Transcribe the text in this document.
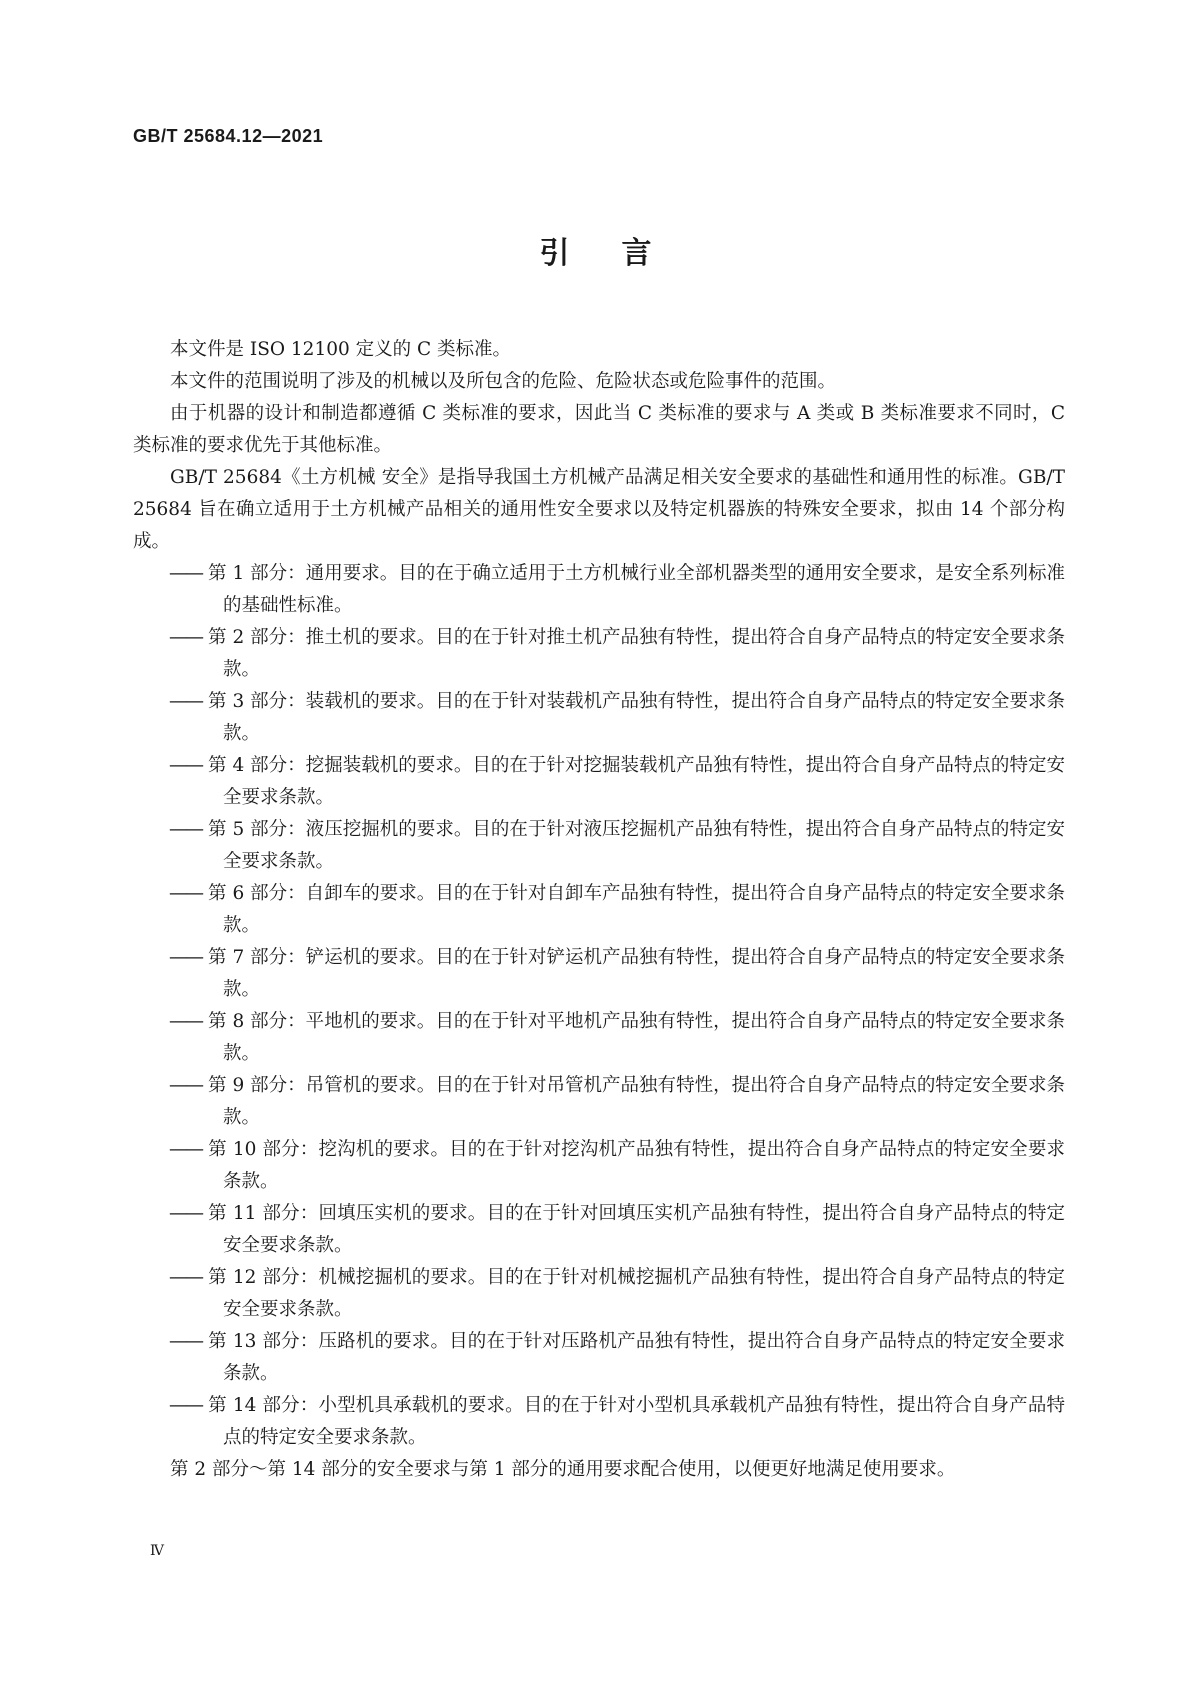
GB/T 25684.12—2021
引言

本文件是 ISO 12100 定义的 C 类标准。

本文件的范围说明了涉及的机械以及所包含的危险、危险状态或危险事件的范围。

由于机器的设计和制造都遵循 C 类标准的要求，因此当 C 类标准的要求与 A 类或 B 类标准要求不同时，C 类标准的要求优先于其他标准。

GB/T 25684《土方机械 安全》是指导我国土方机械产品满足相关安全要求的基础性和通用性的标准。GB/T 25684 旨在确立适用于土方机械产品相关的通用性安全要求以及特定机器族的特殊安全要求，拟由 14 个部分构成。

—— 第 1 部分：通用要求。目的在于确立适用于土方机械行业全部机器类型的通用安全要求，是安全系列标准的基础性标准。
—— 第 2 部分：推土机的要求。目的在于针对推土机产品独有特性，提出符合自身产品特点的特定安全要求条款。
—— 第 3 部分：装载机的要求。目的在于针对装载机产品独有特性，提出符合自身产品特点的特定安全要求条款。
—— 第 4 部分：挖掘装载机的要求。目的在于针对挖掘装载机产品独有特性，提出符合自身产品特点的特定安全要求条款。
—— 第 5 部分：液压挖掘机的要求。目的在于针对液压挖掘机产品独有特性，提出符合自身产品特点的特定安全要求条款。
—— 第 6 部分：自卸车的要求。目的在于针对自卸车产品独有特性，提出符合自身产品特点的特定安全要求条款。
—— 第 7 部分：铲运机的要求。目的在于针对铲运机产品独有特性，提出符合自身产品特点的特定安全要求条款。
—— 第 8 部分：平地机的要求。目的在于针对平地机产品独有特性，提出符合自身产品特点的特定安全要求条款。
—— 第 9 部分：吊管机的要求。目的在于针对吊管机产品独有特性，提出符合自身产品特点的特定安全要求条款。
—— 第 10 部分：挖沟机的要求。目的在于针对挖沟机产品独有特性，提出符合自身产品特点的特定安全要求条款。
—— 第 11 部分：回填压实机的要求。目的在于针对回填压实机产品独有特性，提出符合自身产品特点的特定安全要求条款。
—— 第 12 部分：机械挖掘机的要求。目的在于针对机械挖掘机产品独有特性，提出符合自身产品特点的特定安全要求条款。
—— 第 13 部分：压路机的要求。目的在于针对压路机产品独有特性，提出符合自身产品特点的特定安全要求条款。
—— 第 14 部分：小型机具承载机的要求。目的在于针对小型机具承载机产品独有特性，提出符合自身产品特点的特定安全要求条款。

第 2 部分～第 14 部分的安全要求与第 1 部分的通用要求配合使用，以便更好地满足使用要求。

Ⅳ
